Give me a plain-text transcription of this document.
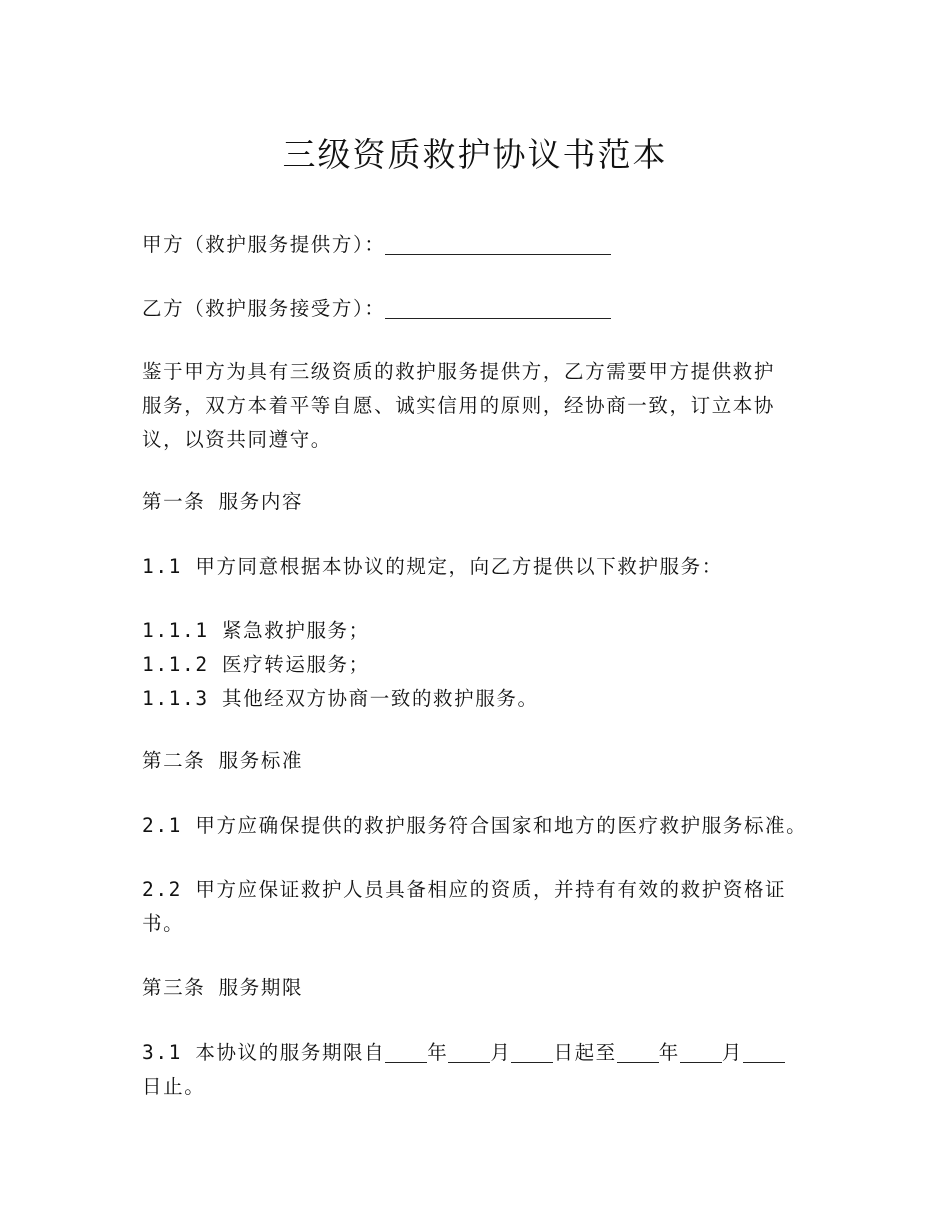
三级资质救护协议书范本
甲方（救护服务提供方）：
乙方（救护服务接受方）：
鉴于甲方为具有三级资质的救护服务提供方，乙方需要甲方提供救护
服务，双方本着平等自愿、诚实信用的原则，经协商一致，订立本协
议，以资共同遵守。
第一条 服务内容
1.1 甲方同意根据本协议的规定，向乙方提供以下救护服务：
1.1.1 紧急救护服务；
1.1.2 医疗转运服务；
1.1.3 其他经双方协商一致的救护服务。
第二条 服务标准
2.1 甲方应确保提供的救护服务符合国家和地方的医疗救护服务标准。
2.2 甲方应保证救护人员具备相应的资质，并持有有效的救护资格证
书。
第三条 服务期限
3.1 本协议的服务期限自 年 月 日起至 年 月
日止。
